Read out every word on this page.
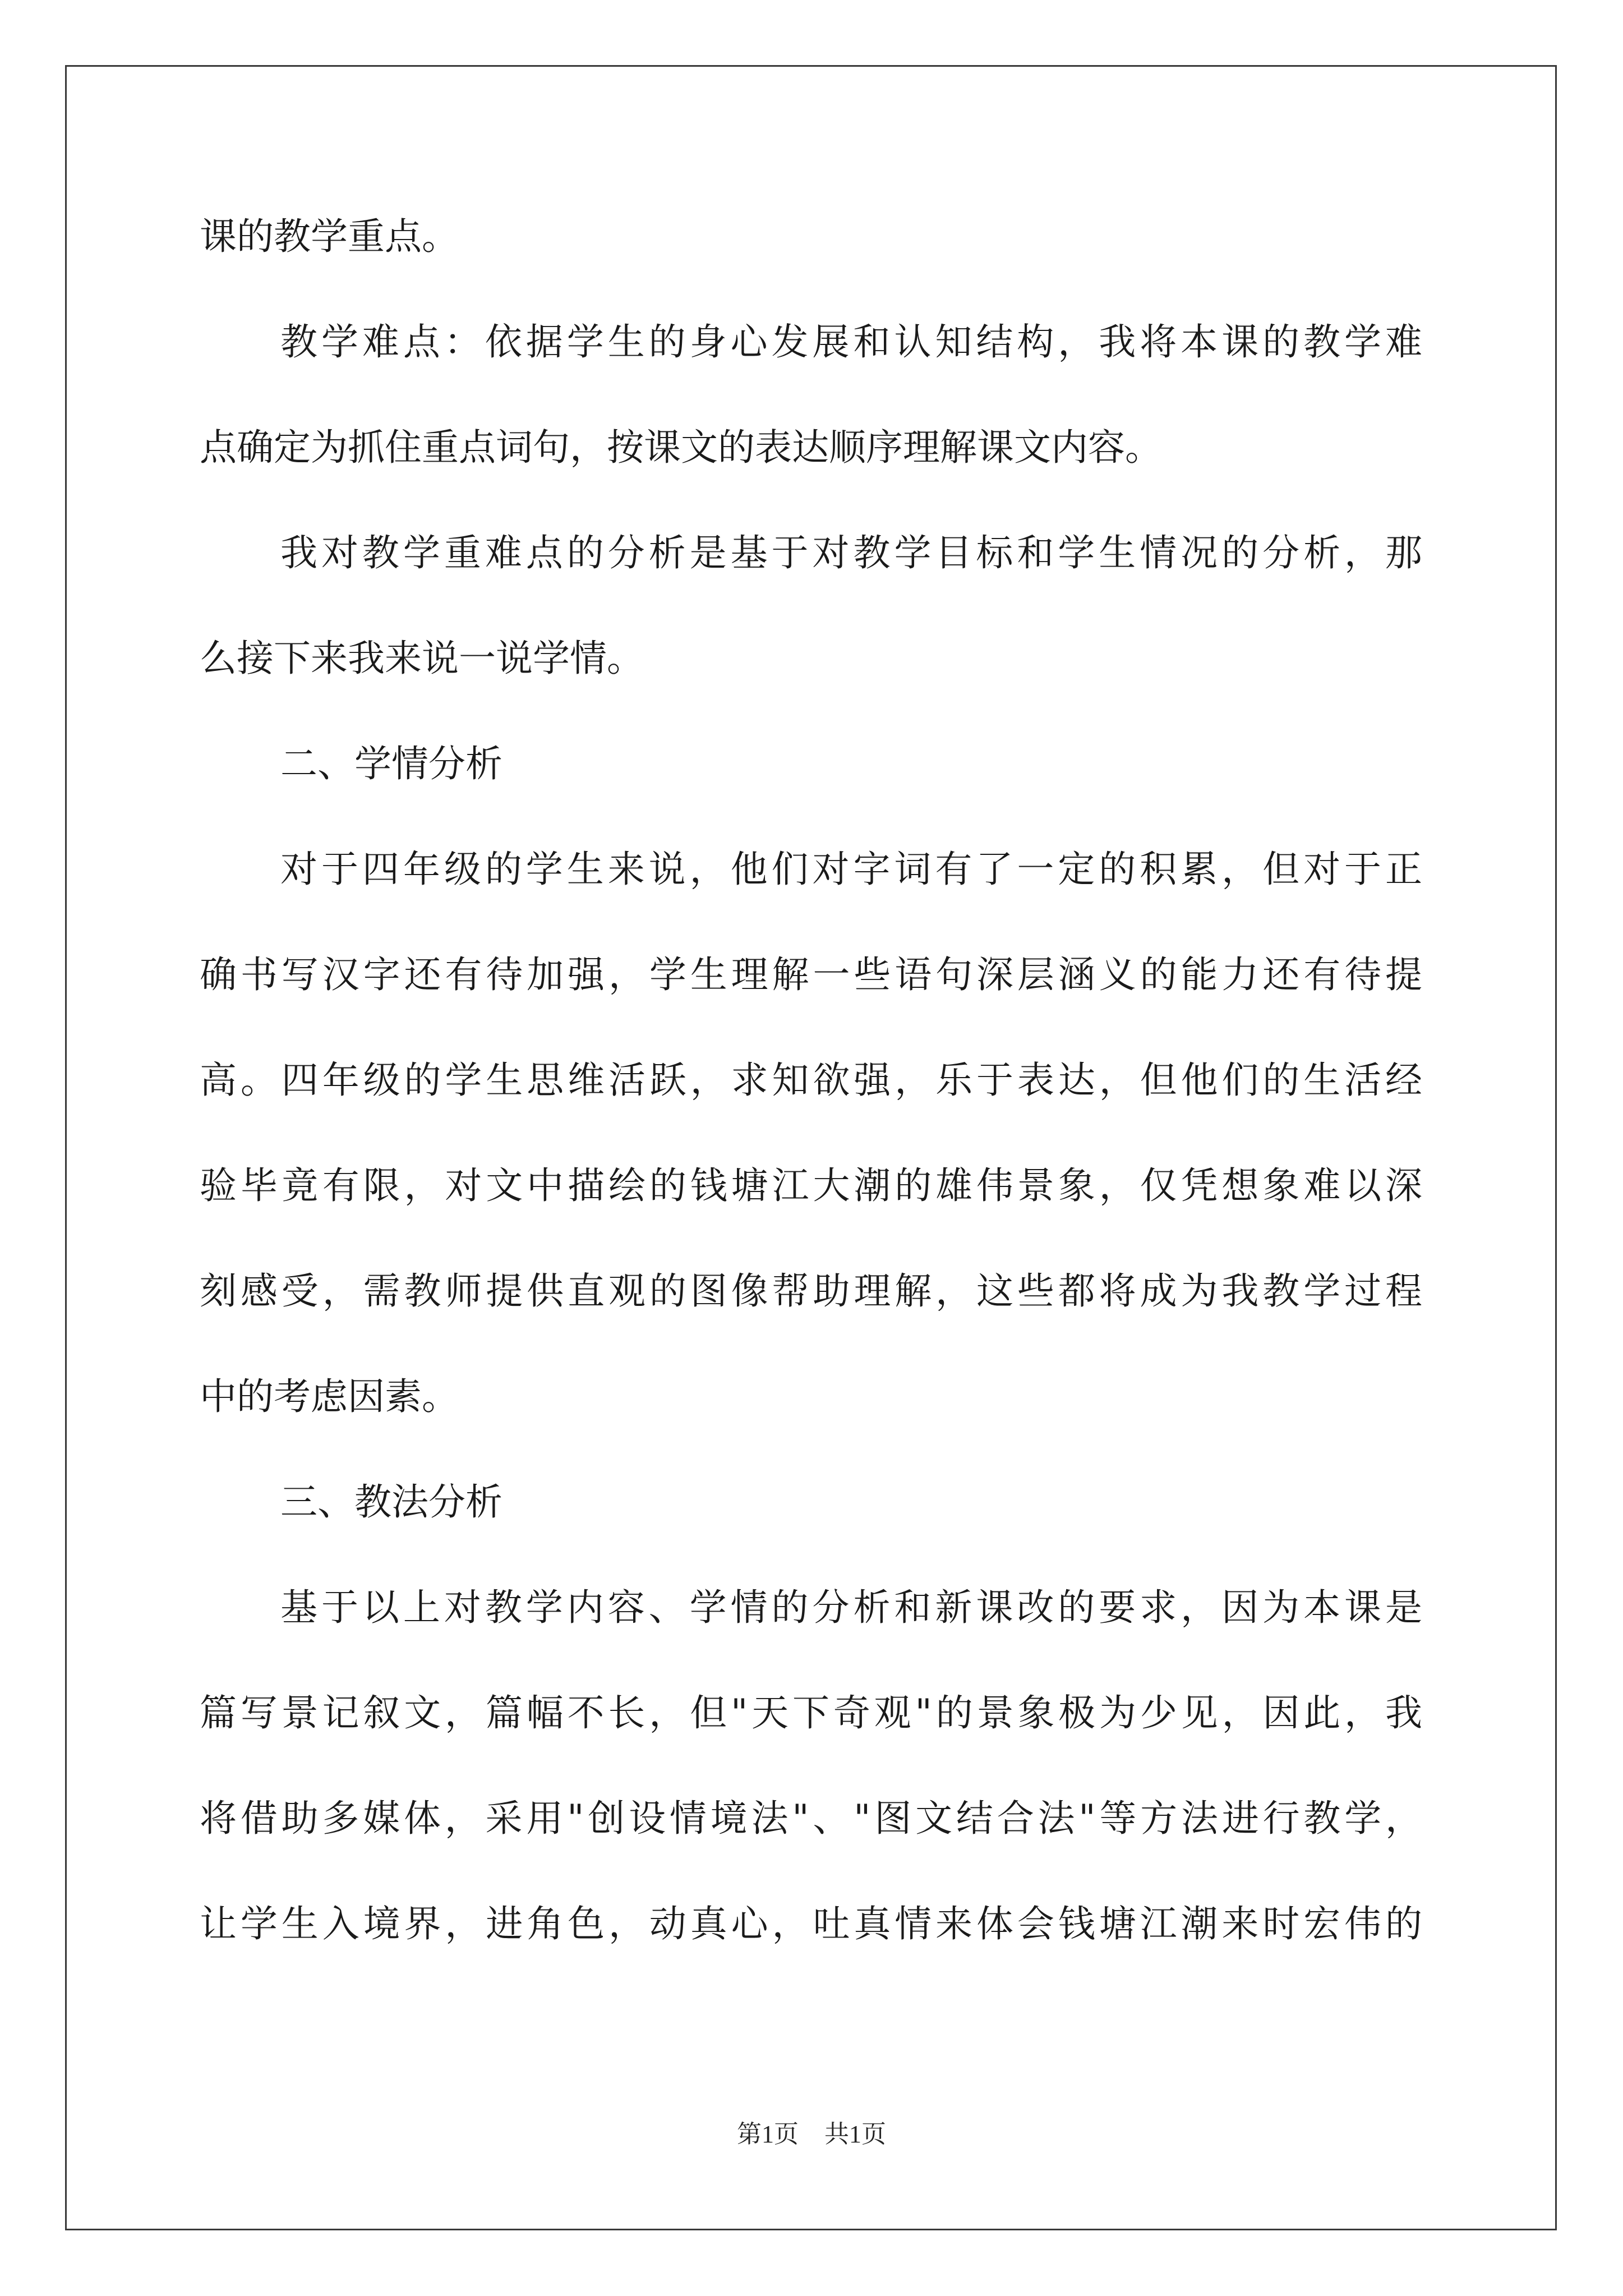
课的教学重点。
教学难点：依据学生的身心发展和认知结构，我将本课的教学难
点确定为抓住重点词句，按课文的表达顺序理解课文内容。
我对教学重难点的分析是基于对教学目标和学生情况的分析，那
么接下来我来说一说学情。
二、学情分析
对于四年级的学生来说，他们对字词有了一定的积累，但对于正
确书写汉字还有待加强，学生理解一些语句深层涵义的能力还有待提
高。四年级的学生思维活跃，求知欲强，乐于表达，但他们的生活经
验毕竟有限，对文中描绘的钱塘江大潮的雄伟景象，仅凭想象难以深
刻感受，需教师提供直观的图像帮助理解，这些都将成为我教学过程
中的考虑因素。
三、教法分析
基于以上对教学内容、学情的分析和新课改的要求，因为本课是
篇写景记叙文，篇幅不长，但"天下奇观"的景象极为少见，因此，我
将借助多媒体，采用"创设情境法"、"图文结合法"等方法进行教学，
让学生入境界，进角色，动真心，吐真情来体会钱塘江潮来时宏伟的
第1页 共1页
